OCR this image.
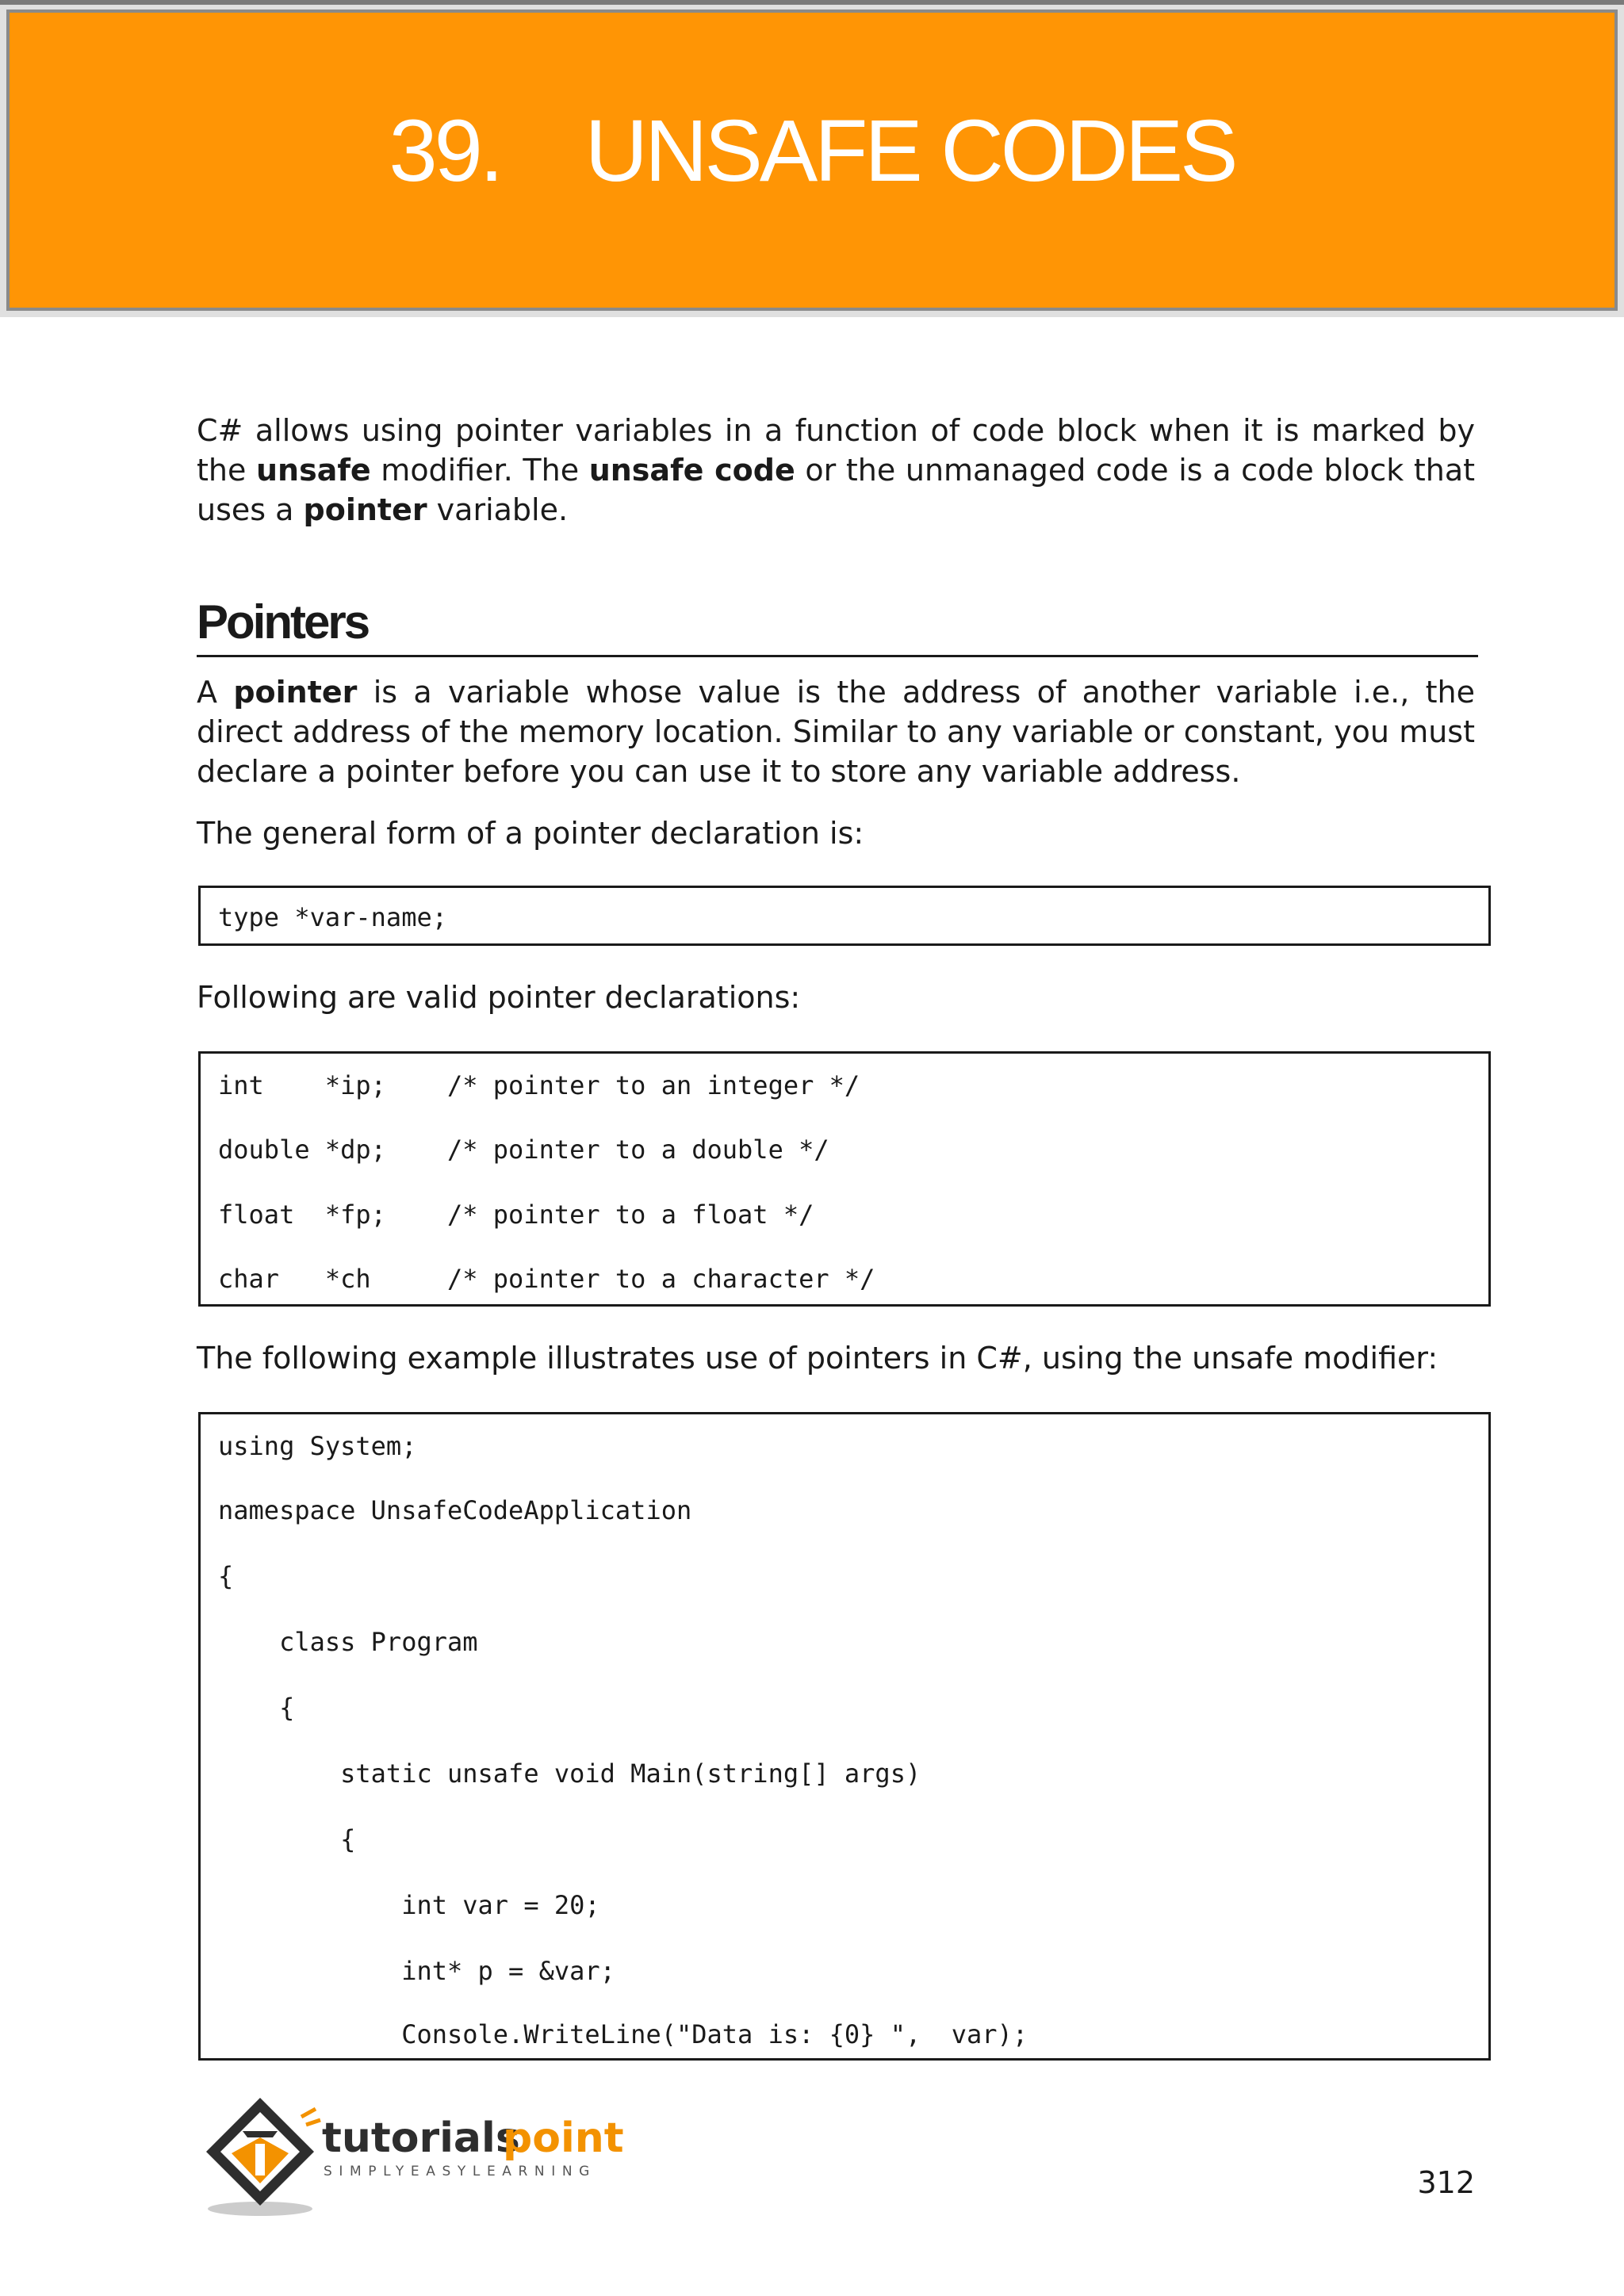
39.    UNSAFE CODES

C# allows using pointer variables in a function of code block when it is marked by the unsafe modifier. The unsafe code or the unmanaged code is a code block that uses a pointer variable.

Pointers

A pointer is a variable whose value is the address of another variable i.e., the direct address of the memory location. Similar to any variable or constant, you must declare a pointer before you can use it to store any variable address.

The general form of a pointer declaration is:

type *var-name;

Following are valid pointer declarations:

int    *ip;    /* pointer to an integer */
double *dp;    /* pointer to a double */
float  *fp;    /* pointer to a float */
char   *ch     /* pointer to a character */

The following example illustrates use of pointers in C#, using the unsafe modifier:

using System;
namespace UnsafeCodeApplication
{
class Program
{
static unsafe void Main(string[] args)
{
int var = 20;
int* p = &var;
Console.WriteLine("Data is: {0} ",  var);
tutorials
point
SIMPLYEASYLEARNING	312
